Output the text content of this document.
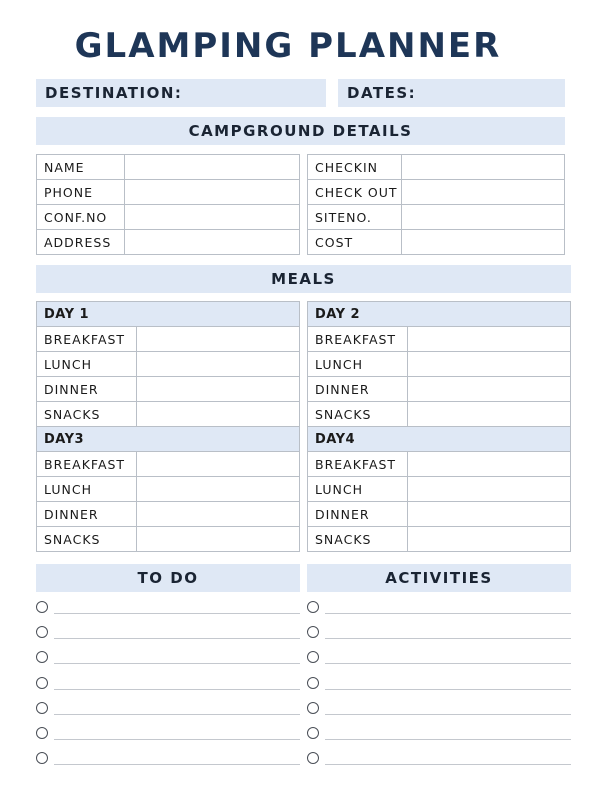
GLAMPING PLANNER
DESTINATION:	DATES:
CAMPGROUND DETAILS
NAME	
PHONE	
CONF.NO	
ADDRESS	
CHECKIN	
CHECK OUT	
SITENO.	
COST	
MEALS
DAY 1	
BREAKFAST	
LUNCH	
DINNER	
SNACKS	
DAY3	
BREAKFAST	
LUNCH	
DINNER	
SNACKS	
DAY 2	
BREAKFAST	
LUNCH	
DINNER	
SNACKS	
DAY4	
BREAKFAST	
LUNCH	
DINNER	
SNACKS	
TO DO	ACTIVITIES
